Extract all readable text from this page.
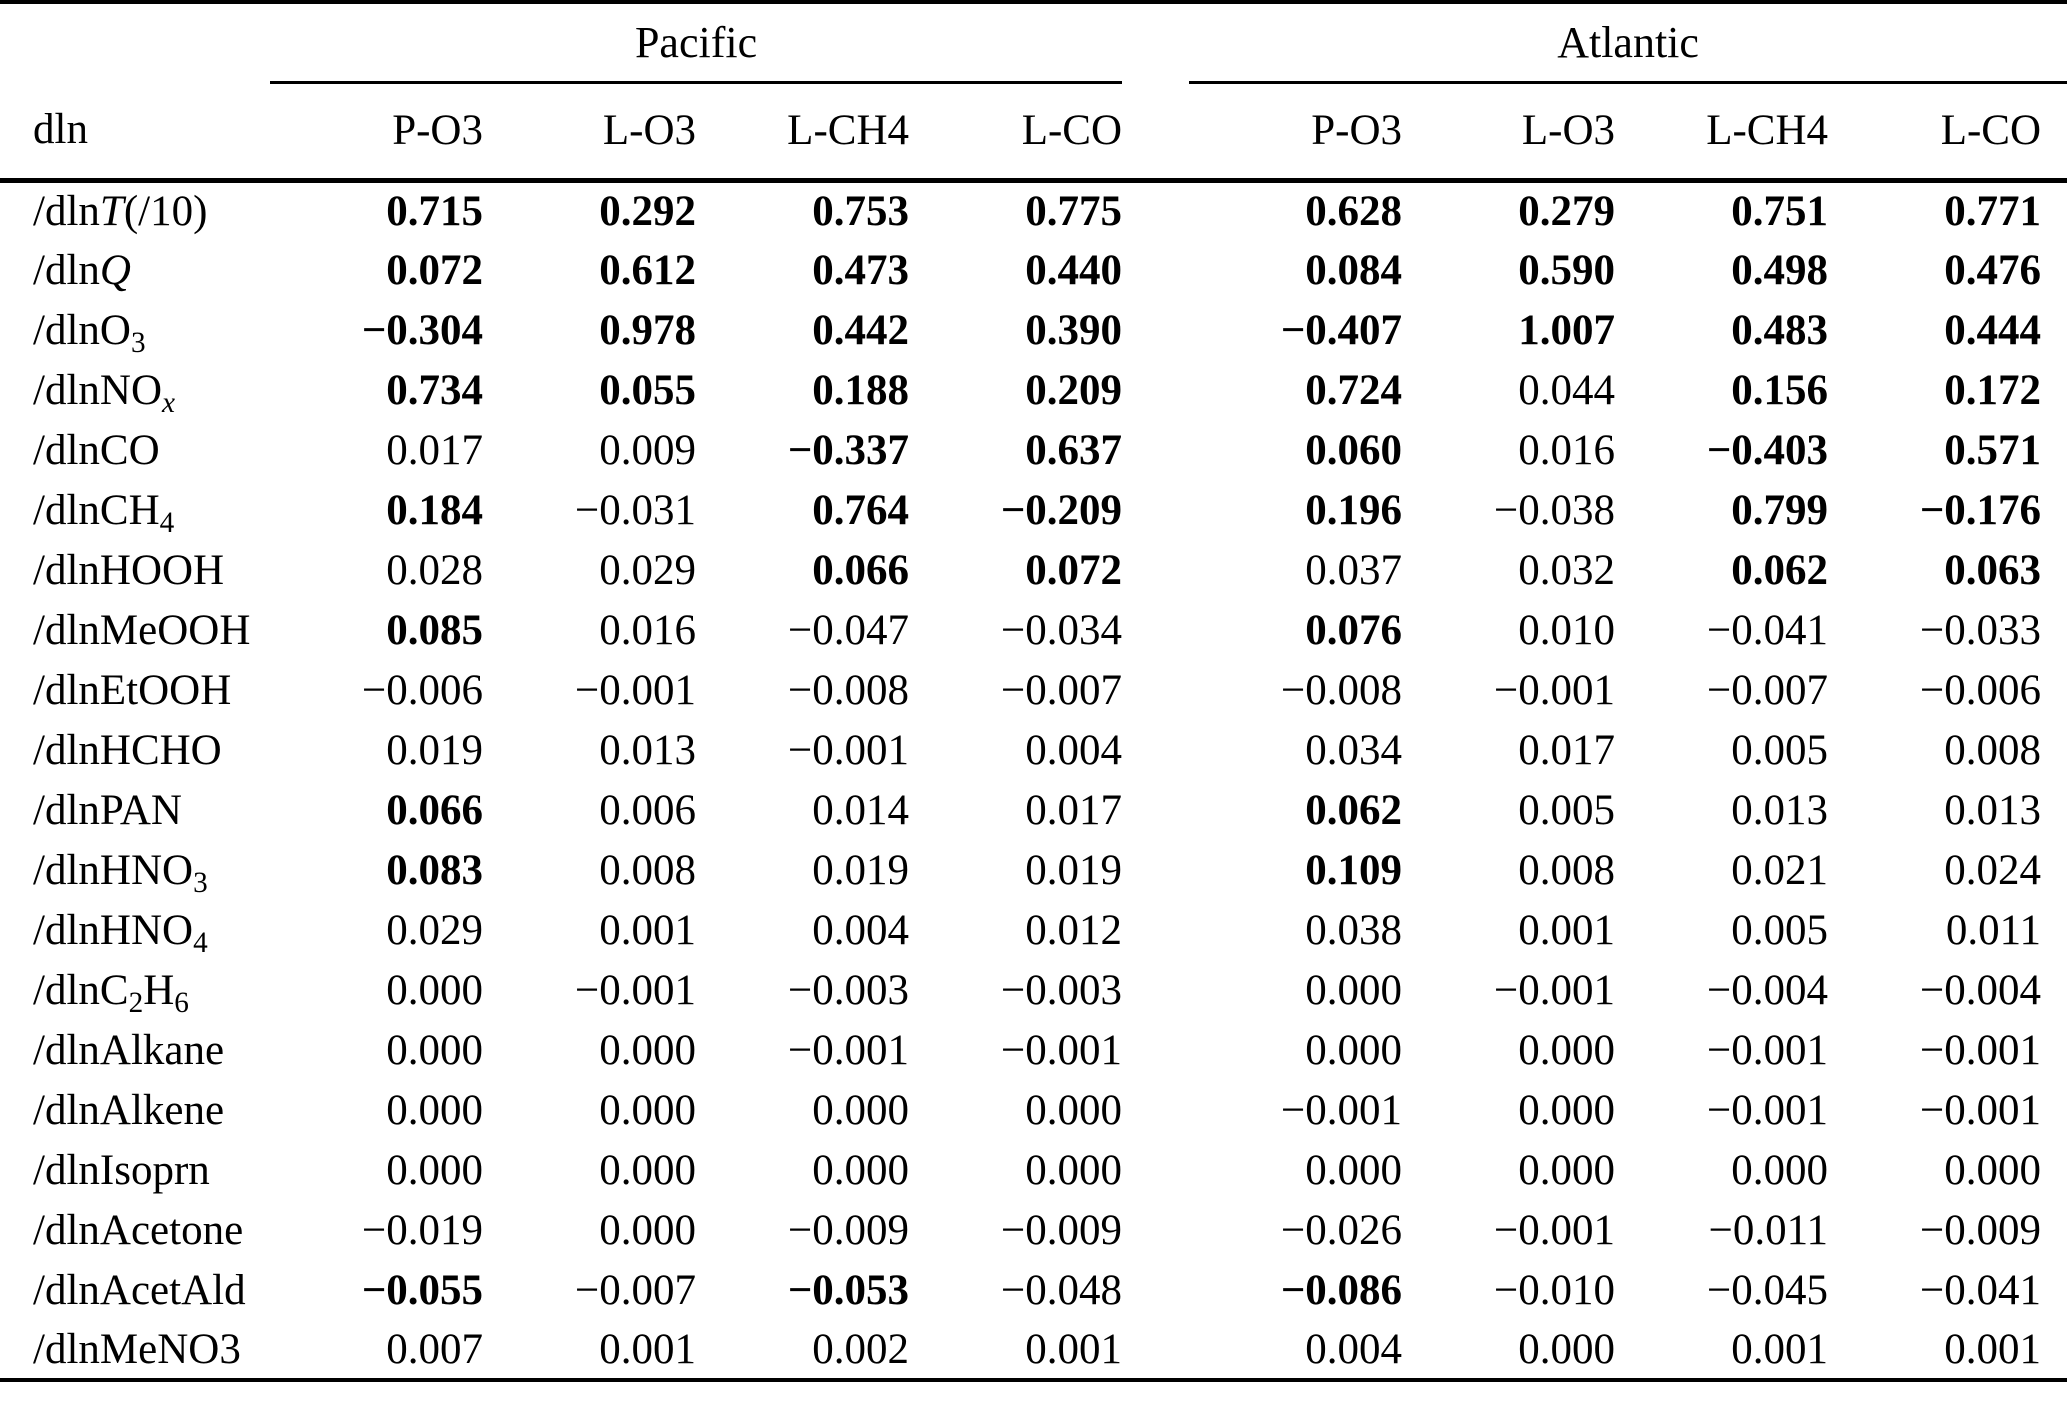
	Pacific					Atlantic				
dln	P-O3	L-O3	L-CH4	L-CO		P-O3	L-O3	L-CH4	L-CO	
/dlnT(/10)	0.715	0.292	0.753	0.775		0.628	0.279	0.751	0.771	
/dlnQ	0.072	0.612	0.473	0.440		0.084	0.590	0.498	0.476	
/dlnO$_3$	−0.304	0.978	0.442	0.390		−0.407	1.007	0.483	0.444	
/dlnNO$_x$	0.734	0.055	0.188	0.209		0.724	0.044	0.156	0.172	
/dlnCO	0.017	0.009	−0.337	0.637		0.060	0.016	−0.403	0.571	
/dlnCH$_4$	0.184	−0.031	0.764	−0.209		0.196	−0.038	0.799	−0.176	
/dlnHOOH	0.028	0.029	0.066	0.072		0.037	0.032	0.062	0.063	
/dlnMeOOH	0.085	0.016	−0.047	−0.034		0.076	0.010	−0.041	−0.033	
/dlnEtOOH	−0.006	−0.001	−0.008	−0.007		−0.008	−0.001	−0.007	−0.006	
/dlnHCHO	0.019	0.013	−0.001	0.004		0.034	0.017	0.005	0.008	
/dlnPAN	0.066	0.006	0.014	0.017		0.062	0.005	0.013	0.013	
/dlnHNO$_3$	0.083	0.008	0.019	0.019		0.109	0.008	0.021	0.024	
/dlnHNO$_4$	0.029	0.001	0.004	0.012		0.038	0.001	0.005	0.011	
$/dlnC_2H_6$	0.000	−0.001	−0.003	−0.003		0.000	−0.001	−0.004	−0.004	
/dlnAlkane	0.000	0.000	−0.001	−0.001		0.000	0.000	−0.001	−0.001	
/dlnAlkene	0.000	0.000	0.000	0.000		−0.001	0.000	−0.001	−0.001	
/dlnIsoprn	0.000	0.000	0.000	0.000		0.000	0.000	0.000	0.000	
/dlnAcetone	−0.019	0.000	−0.009	−0.009		−0.026	−0.001	−0.011	−0.009	
/dlnAcetAld	−0.055	−0.007	−0.053	−0.048		−0.086	−0.010	−0.045	−0.041	
/dlnMeNO3	0.007	0.001	0.002	0.001		0.004	0.000	0.001	0.001	
